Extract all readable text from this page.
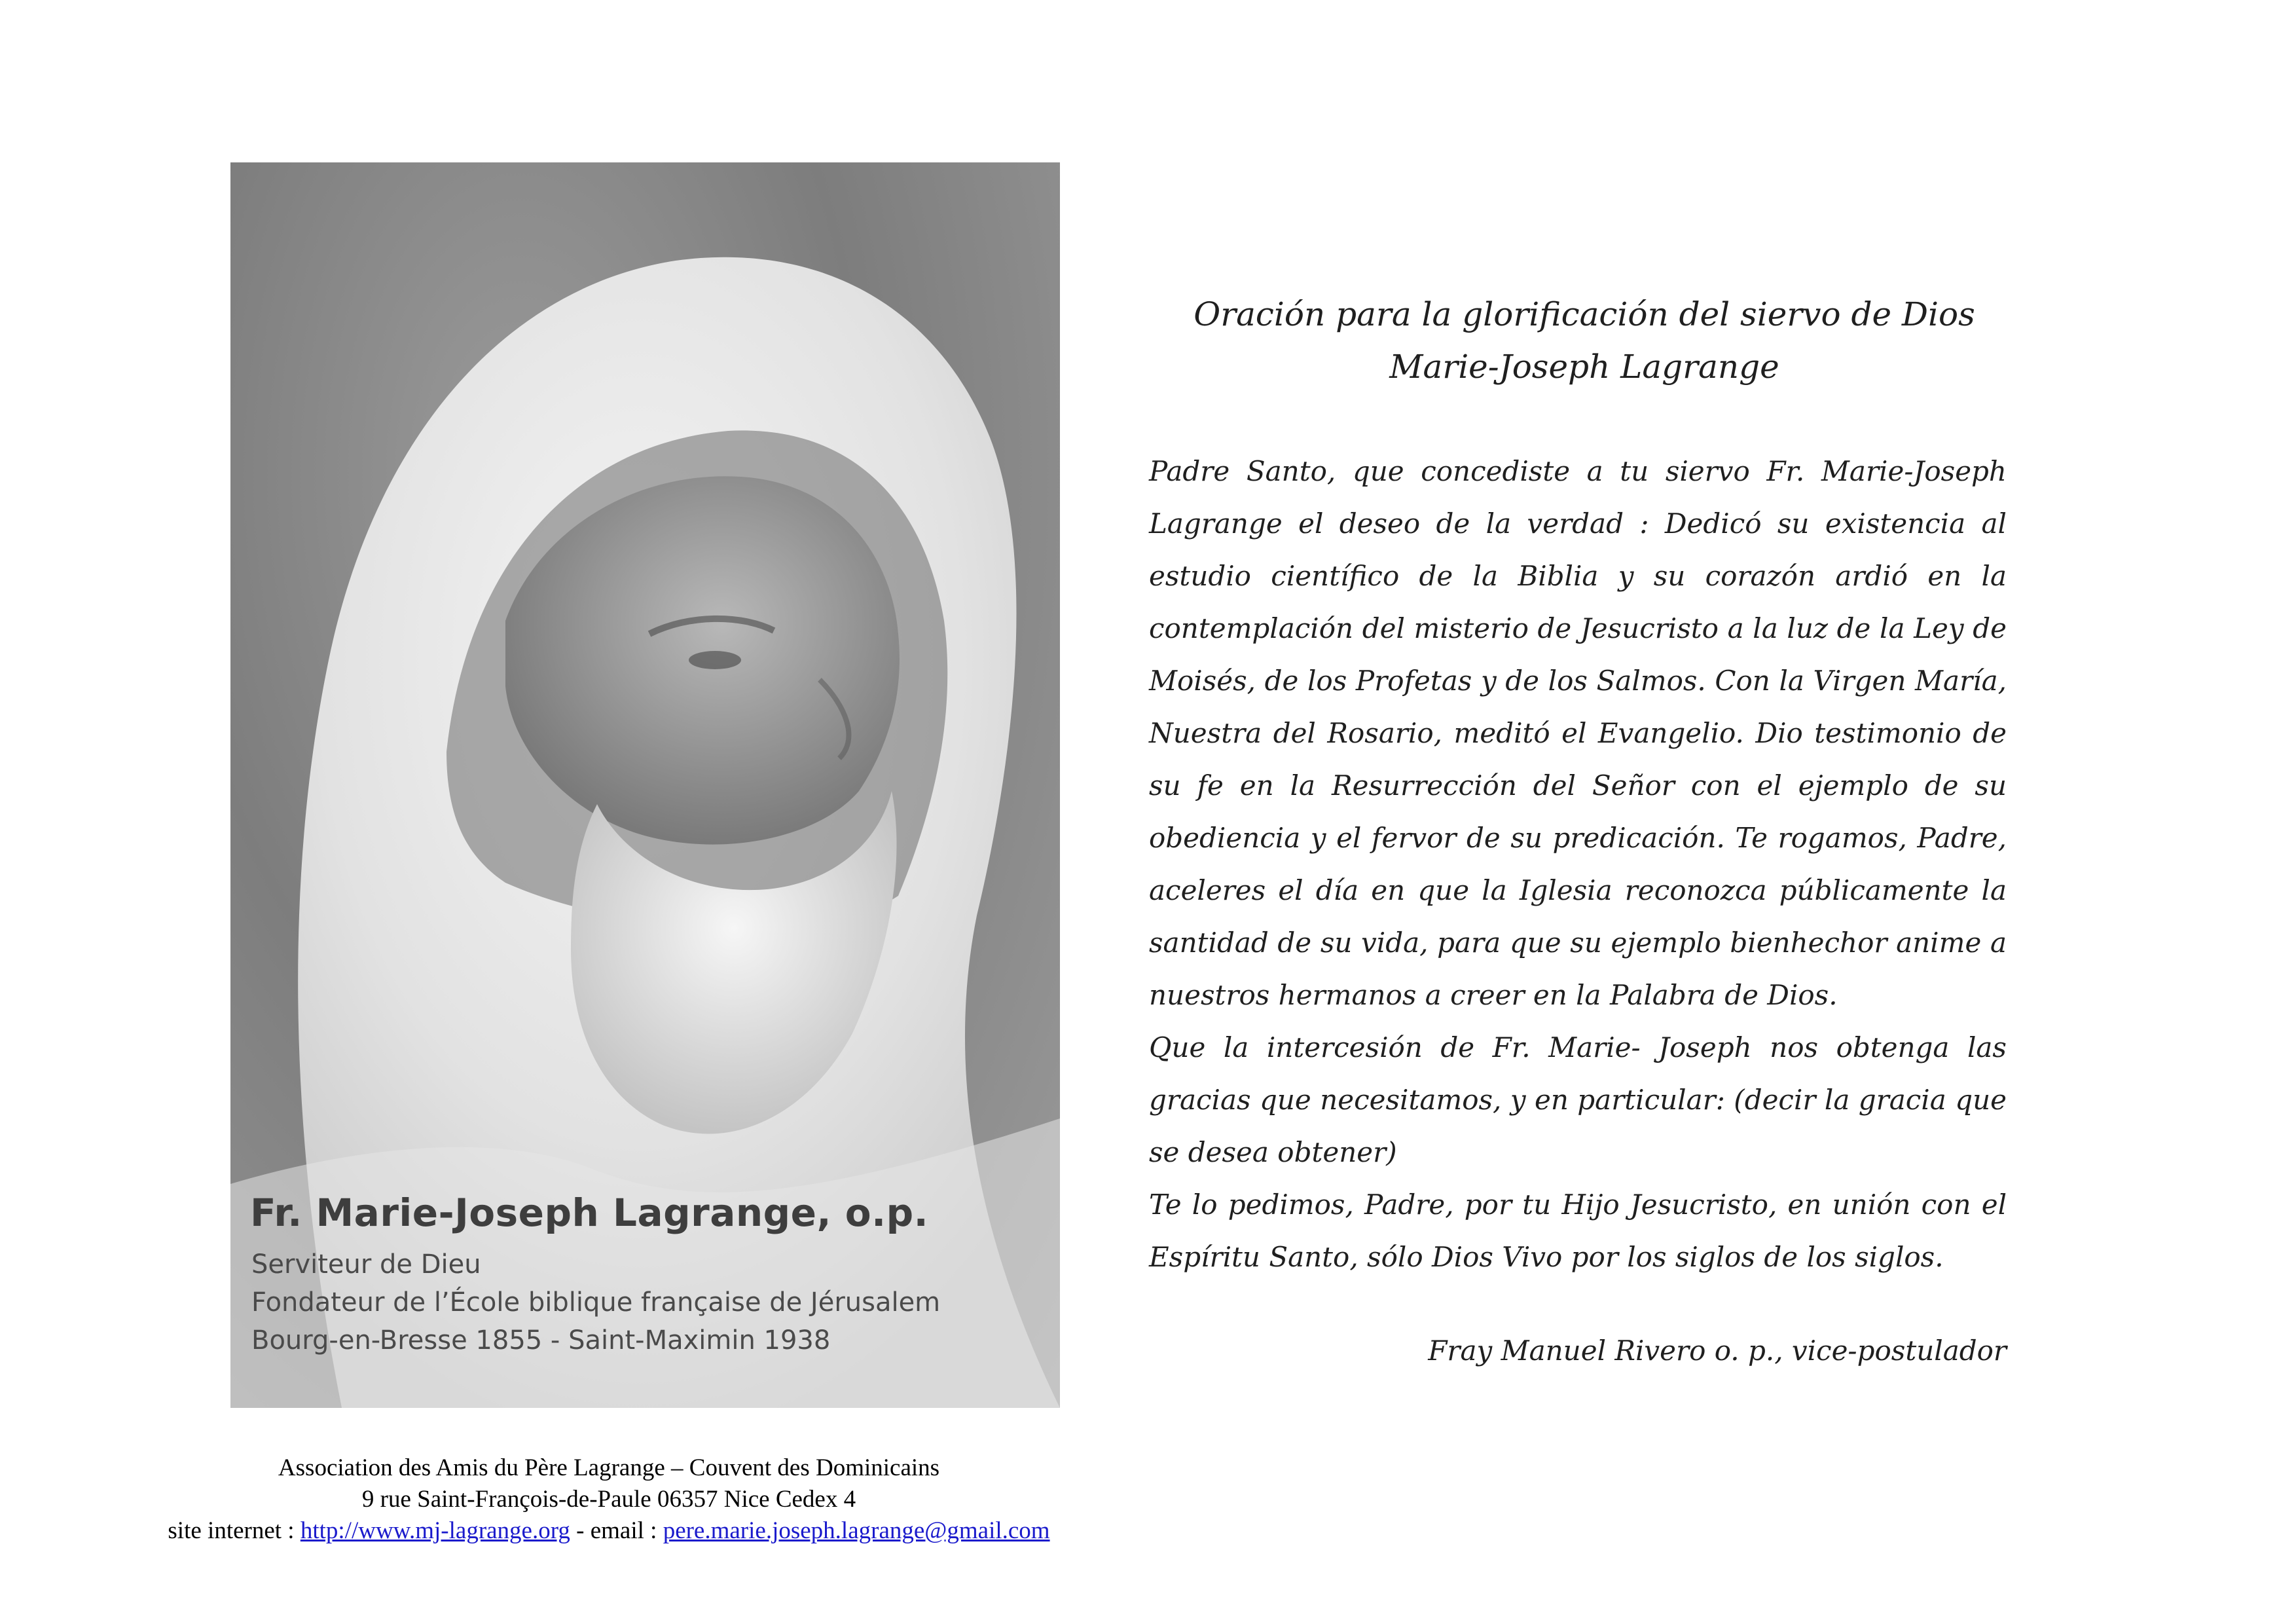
Fr. Marie-Joseph Lagrange, o.p.
Serviteur de Dieu
Fondateur de l’École biblique française de Jérusalem
Bourg-en-Bresse 1855 - Saint-Maximin 1938
Association des Amis du Père Lagrange – Couvent des Dominicains
9 rue Saint-François-de-Paule 06357 Nice Cedex 4
site internet : http://www.mj-lagrange.org - email : pere.marie.joseph.lagrange@gmail.com
Oración para la glorificación del siervo de Dios
Marie-Joseph Lagrange

Padre Santo, que concediste a tu siervo Fr. Marie-Joseph Lagrange el deseo de la verdad : Dedicó su existencia al estudio científico de la Biblia y su corazón ardió en la contemplación del misterio de Jesucristo a la luz de la Ley de Moisés, de los Profetas y de los Salmos. Con la Virgen María, Nuestra del Rosario, meditó el Evangelio. Dio testimonio de su fe en la Resurrección del Señor con el ejemplo de su obediencia y el fervor de su predicación. Te rogamos, Padre, aceleres el día en que la Iglesia reconozca públicamente la santidad de su vida, para que su ejemplo bienhechor anime a nuestros hermanos a creer en la Palabra de Dios.

Que la intercesión de Fr. Marie- Joseph nos obtenga las gracias que necesitamos, y en particular: (decir la gracia que se desea obtener)

Te lo pedimos, Padre, por tu Hijo Jesucristo, en unión con el Espíritu Santo, sólo Dios Vivo por los siglos de los siglos.

Fray Manuel Rivero o. p., vice-postulador
